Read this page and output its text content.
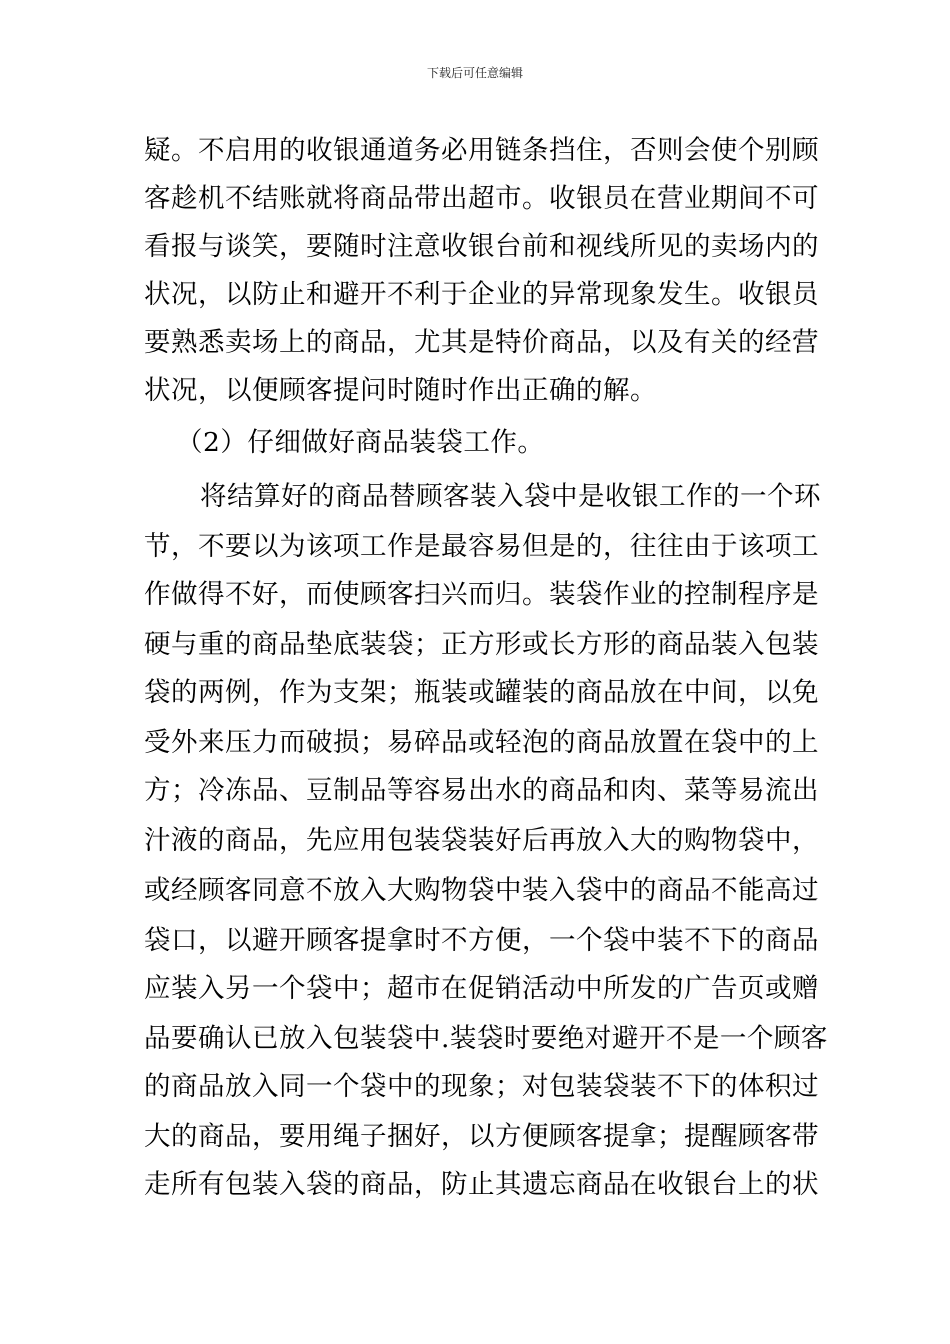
下载后可任意编辑
疑。不启用的收银通道务必用链条挡住，否则会使个别顾
客趁机不结账就将商品带出超市。收银员在营业期间不可
看报与谈笑，要随时注意收银台前和视线所见的卖场内的
状况，以防止和避开不利于企业的异常现象发生。收银员
要熟悉卖场上的商品，尤其是特价商品，以及有关的经营
状况，以便顾客提问时随时作出正确的解。
（2）仔细做好商品装袋工作。
将结算好的商品替顾客装入袋中是收银工作的一个环
节，不要以为该项工作是最容易但是的，往往由于该项工
作做得不好，而使顾客扫兴而归。装袋作业的控制程序是
硬与重的商品垫底装袋；正方形或长方形的商品装入包装
袋的两例，作为支架；瓶装或罐装的商品放在中间，以免
受外来压力而破损；易碎品或轻泡的商品放置在袋中的上
方；冷冻品、豆制品等容易出水的商品和肉、菜等易流出
汁液的商品，先应用包装袋装好后再放入大的购物袋中，
或经顾客同意不放入大购物袋中装入袋中的商品不能高过
袋口，以避开顾客提拿时不方便，一个袋中装不下的商品
应装入另一个袋中；超市在促销活动中所发的广告页或赠
品要确认已放入包装袋中.装袋时要绝对避开不是一个顾客
的商品放入同一个袋中的现象；对包装袋装不下的体积过
大的商品，要用绳子捆好，以方便顾客提拿；提醒顾客带
走所有包装入袋的商品，防止其遗忘商品在收银台上的状
